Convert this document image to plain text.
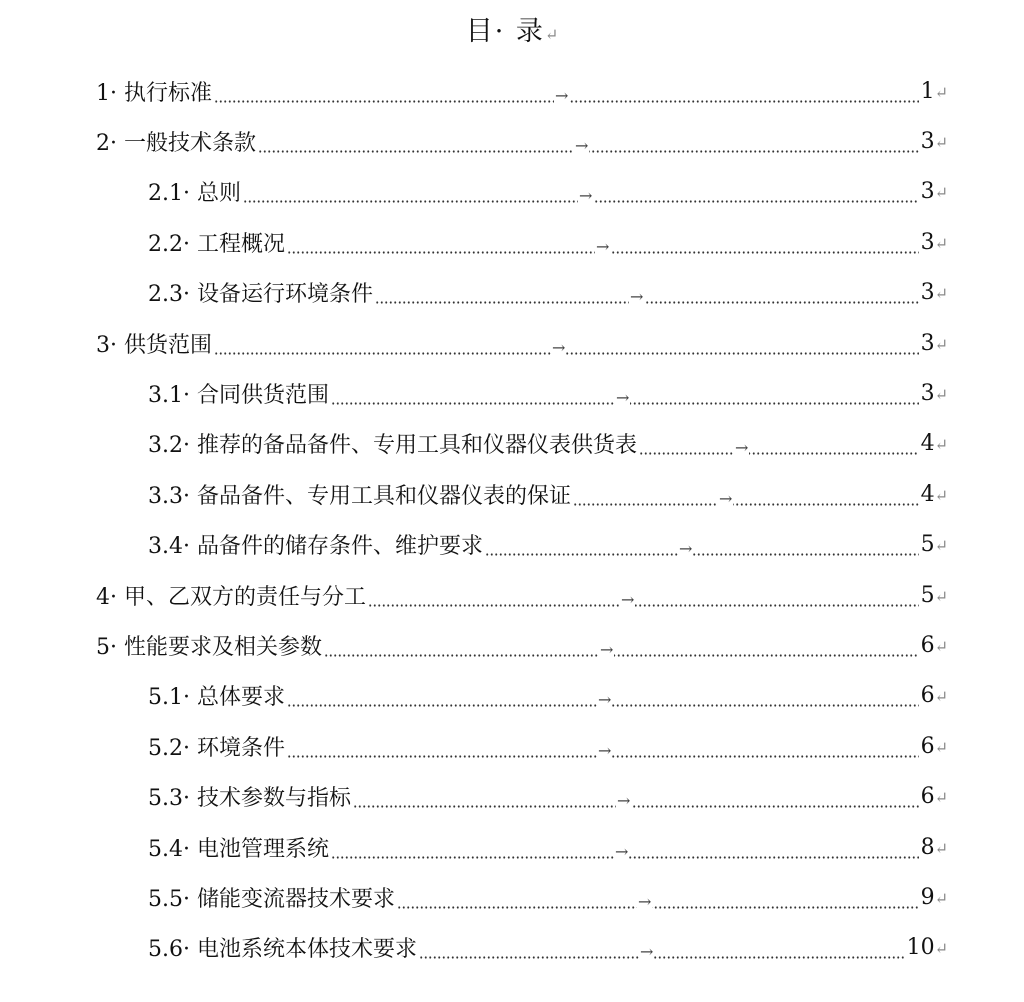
目· 录↵
1· 执行标准	→	1↵
2· 一般技术条款	→	3↵
2.1· 总则	→	3↵
2.2· 工程概况	→	3↵
2.3· 设备运行环境条件	→	3↵
3· 供货范围	→	3↵
3.1· 合同供货范围	→	3↵
3.2· 推荐的备品备件、专用工具和仪器仪表供货表	→	4↵
3.3· 备品备件、专用工具和仪器仪表的保证	→	4↵
3.4· 品备件的储存条件、维护要求	→	5↵
4· 甲、乙双方的责任与分工	→	5↵
5· 性能要求及相关参数	→	6↵
5.1· 总体要求	→	6↵
5.2· 环境条件	→	6↵
5.3· 技术参数与指标	→	6↵
5.4· 电池管理系统	→	8↵
5.5· 储能变流器技术要求	→	9↵
5.6· 电池系统本体技术要求	→	10↵
